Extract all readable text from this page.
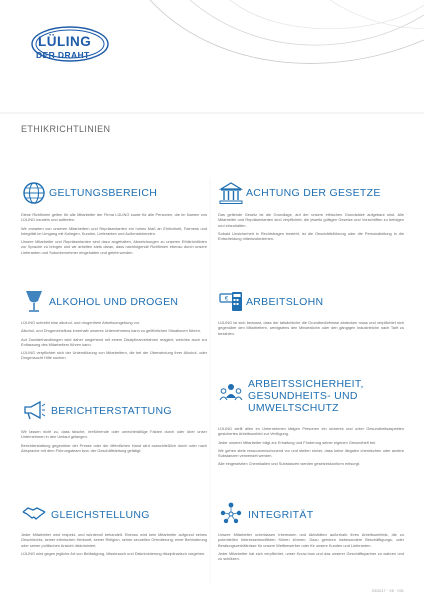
LÜLING
DER DRAHT
ETHIKRICHTLINIEN
GELTUNGSBEREICH

Diese Richtlinien gelten für alle Mitarbeiter der Firma LÜLING sowie für alle Personen, die im Namen von LÜLING handeln und auftreten.

Wir erwarten von unseren Mitarbeitern und Repräsentanten ein hohes Maß an Ehrlichkeit, Fairness und Integrität im Umgang mit Kollegen, Kunden, Lieferanten und Außenstehenden.

Unsere Mitarbeiter und Repräsentanten sind dazu angehalten, Abweichungen zu unseren Ethikrichtlinien zur Sprache zu bringen und wir arbeiten stets daran, dass nachfolgende Richtlinien ebenso durch unsere Lieferanten und Subunternehmer eingehalten und gelebt werden.

ACHTUNG DER GESETZE

Das geltende Gesetz ist die Grundlage, auf der unsere ethischen Grundsätze aufgebaut sind. Alle Mitarbeiter und Repräsentanten sind verpflichtet, die jeweils gültigen Gesetze und Vorschriften zu befolgen und einzuhalten.

Sobald Unsicherheit in Rechtsfragen besteht, ist die Geschäftsführung oder die Personalleitung in die Entscheidung miteinzubeziehen.

ALKOHOL UND DROGEN

LÜLING schreibt eine alkohol- und drogenfreie Arbeitsumgebung vor.

Alkohol- und Drogeneinsfluss innerhalb unseres Unternehmens kann zu gefährlichen Situationen führen.

Auf Zuwiderhandlungen wird daher umgehend mit einem Disziplinarverfahren reagiert, welches auch zur Entlassung des Mitarbeiters führen kann.

LÜLING verpflichtet sich der Unterstützung von Mitarbeitern, die bei der Überwindung ihrer Alkohol- oder Drogensucht Hilfe suchen.

€ ARBEITSLOHN

LÜLING ist sich bewusst, dass der tatsächliche die Grundbedürfnisse abdecken muss und verpflichtet sich gegenüber den Mitarbeitern, wenigstens den Mindestlohn oder den gängigen Industrielohn nach Tarif zu bezahlen.

BERICHTERSTATTUNG

Wir lassen nicht zu, dass falsche, irreführende oder unrechtmäßige Fakten durch oder über unser Unternehmen in den Umlauf gelangen.

Berichterstattung gegenüber der Presse oder der öffentlichen Hand wird ausschließlich durch oder nach Absprache mit dem Führungsteam bzw. der Geschäftsleitung getätigt.

ARBEITSSICHERHEIT,
GESUNDHEITS- UND
UMWELTSCHUTZ

LÜLING stellt allen im Unternehmen tätigen Personen ein sicheres und unter Gesundheitsaspekten gesichertes Arbeitsumfeld zur Verfügung.

Jeder unserer Mitarbeiter trägt zur Erhaltung und Förderung seiner eigenen Gesundheit bei.

Wir gehen stets ressourcenschonend vor und stellen sicher, dass keine illegalen chemischen oder andere Substanzen verwendet werden.

Alle eingesetzten Chemikalien und Substanzen werden gesetzeskonform entsorgt.

GLEICHSTELLUNG

Jeder Mitarbeiter wird respekt- und würdevoll behandelt. Ebenso wird kein Mitarbeiter aufgrund seines Geschlechts, seiner ethnischen Herkunft, seiner Religion, seiner sexuellen Orientierung, einer Behinderung oder seiner politischen Ansicht diskriminiert.

LÜLING wird gegen jegliche Art von Belästigung, Missbrauch und Diskriminierung disziplinarisch vorgehen.

INTEGRITÄT

Unsere Mitarbeiter unterlassen Interessen und Aktivitäten außerhalb ihres Arbeitsumfelds, die zu potentiellen Interessenkonflikten führen können. Dazu gehören insbesondere Beschäftigungs- oder Beratungsverhältnisse für unsere Wettbewerber oder für unsere Kunden und Lieferanten.

Jeder Mitarbeiter hat sich verpflichtet, unser Know-how und das unserer Geschäftspartner zu wahren und zu schützen.

03/2017 · 05 · 001
